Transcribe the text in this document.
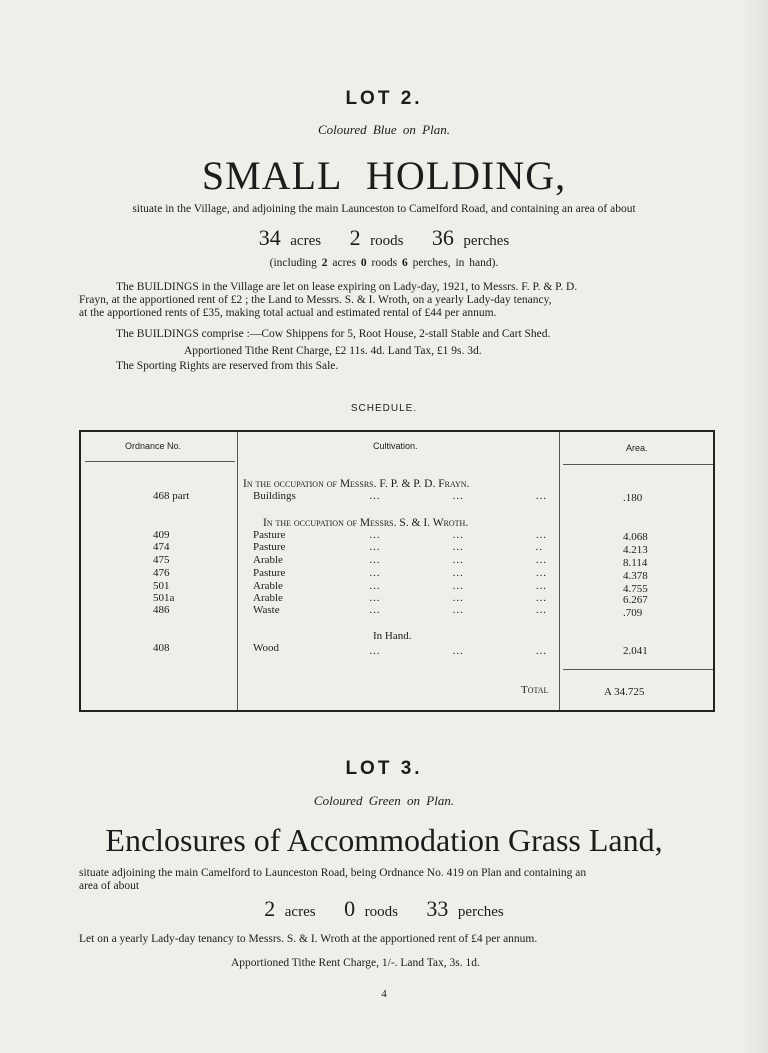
LOT 2.
Coloured Blue on Plan.
SMALL HOLDING,
situate in the Village, and adjoining the main Launceston to Camelford Road, and containing an area of about
34 acres 2 roods 36 perches
(including 2 acres 0 roods 6 perches, in hand).
The BUILDINGS in the Village are let on lease expiring on Lady-day, 1921, to Messrs. F. P. & P. D.
Frayn, at the apportioned rent of £2 ; the Land to Messrs. S. & I. Wroth, on a yearly Lady-day tenancy,
at the apportioned rents of £35, making total actual and estimated rental of £44 per annum.
The BUILDINGS comprise :—Cow Shippens for 5, Root House, 2-stall Stable and Cart Shed.
Apportioned Tithe Rent Charge, £2 11s. 4d. Land Tax, £1 9s. 3d.
The Sporting Rights are reserved from this Sale.
SCHEDULE.
Ordnance No.	Cultivation.	Area.
In the occupation of Messrs. F. P. & P. D. Frayn.
In the occupation of Messrs. S. & I. Wroth.
In Hand.
468 part	Buildings	…                   …                   …	.180
409	Pasture	…                   …                   …	4.068
474	Pasture	…                   …                   ..	4.213
475	Arable	…                   …                   …	8.114
476	Pasture	…                   …                   …	4.378
501	Arable	…                   …                   …	4.755
501a	Arable	…                   …                   …	6.267
486	Waste	…                   …                   …	.709
408	Wood	…                   …                   …	2.041
Total	A 34.725
LOT 3.
Coloured Green on Plan.
Enclosures of Accommodation Grass Land,
situate adjoining the main Camelford to Launceston Road, being Ordnance No. 419 on Plan and containing an
area of about
2 acres 0 roods 33 perches
Let on a yearly Lady-day tenancy to Messrs. S. & I. Wroth at the apportioned rent of £4 per annum.
Apportioned Tithe Rent Charge, 1/-. Land Tax, 3s. 1d.
4
